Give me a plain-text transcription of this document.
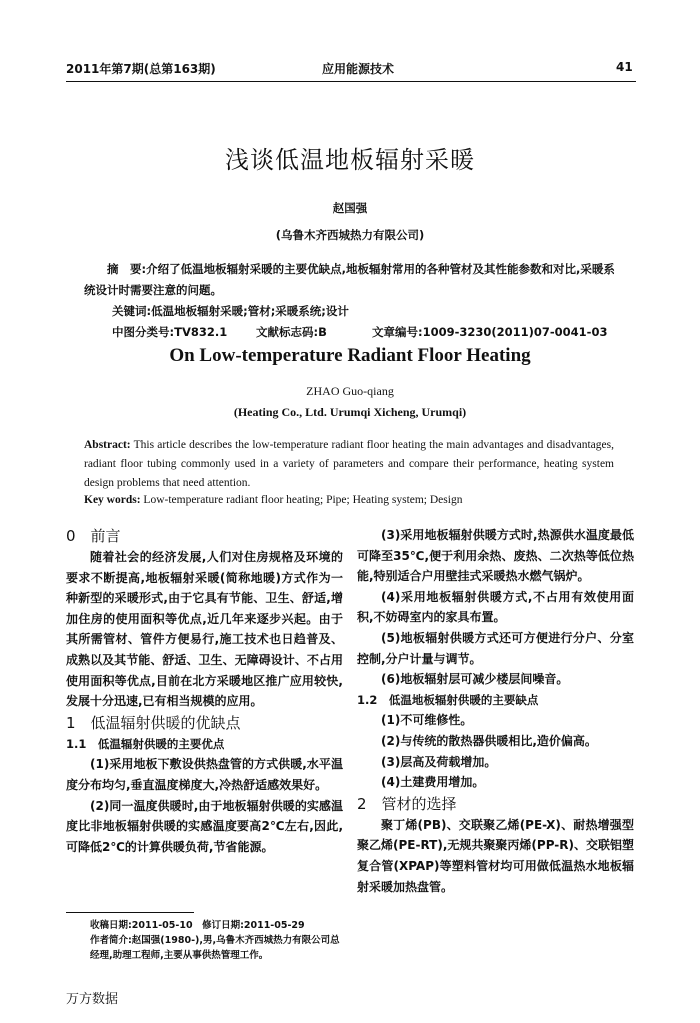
2011年第7期(总第163期)	应用能源技术	41
浅谈低温地板辐射采暖
赵国强
(乌鲁木齐西城热力有限公司)
摘　要:介绍了低温地板辐射采暖的主要优缺点,地板辐射常用的各种管材及其性能参数和对比,采暖系统设计时需要注意的问题。
关键词:低温地板辐射采暖;管材;采暖系统;设计
中图分类号:TV832.1	文献标志码:B	文章编号:1009-3230(2011)07-0041-03
On Low-temperature Radiant Floor Heating
ZHAO Guo-qiang
(Heating Co., Ltd. Urumqi Xicheng, Urumqi)
Abstract: This article describes the low-temperature radiant floor heating the main advantages and disadvantages, radiant floor tubing commonly used in a variety of parameters and compare their performance, heating system design problems that need attention.
Key words: Low-temperature radiant floor heating; Pipe; Heating system; Design

0　前言

随着社会的经济发展,人们对住房规格及环境的要求不断提高,地板辐射采暖(简称地暖)方式作为一种新型的采暖形式,由于它具有节能、卫生、舒适,增加住房的使用面积等优点,近几年来逐步兴起。由于其所需管材、管件方便易行,施工技术也日趋普及、成熟以及其节能、舒适、卫生、无障碍设计、不占用使用面积等优点,目前在北方采暖地区推广应用较快,发展十分迅速,已有相当规模的应用。

1　低温辐射供暖的优缺点

1.1　低温辐射供暖的主要优点

(1)采用地板下敷设供热盘管的方式供暖,水平温度分布均匀,垂直温度梯度大,冷热舒适感效果好。

(2)同一温度供暖时,由于地板辐射供暖的实感温度比非地板辐射供暖的实感温度要高2℃左右,因此,可降低2℃的计算供暖负荷,节省能源。

收稿日期:2011-05-10　修订日期:2011-05-29
作者简介:赵国强(1980-),男,乌鲁木齐西城热力有限公司总经理,助理工程师,主要从事供热管理工作。

(3)采用地板辐射供暖方式时,热源供水温度最低可降至35℃,便于利用余热、废热、二次热等低位热能,特别适合户用壁挂式采暖热水燃气锅炉。

(4)采用地板辐射供暖方式,不占用有效使用面积,不妨碍室内的家具布置。

(5)地板辐射供暖方式还可方便进行分户、分室控制,分户计量与调节。

(6)地板辐射层可减少楼层间噪音。

1.2　低温地板辐射供暖的主要缺点

(1)不可维修性。

(2)与传统的散热器供暖相比,造价偏高。

(3)层高及荷载增加。

(4)土建费用增加。

2　管材的选择

聚丁烯(PB)、交联聚乙烯(PE-X)、耐热增强型聚乙烯(PE-RT),无规共聚聚丙烯(PP-R)、交联铝塑复合管(XPAP)等塑料管材均可用做低温热水地板辐射采暖加热盘管。

万方数据
